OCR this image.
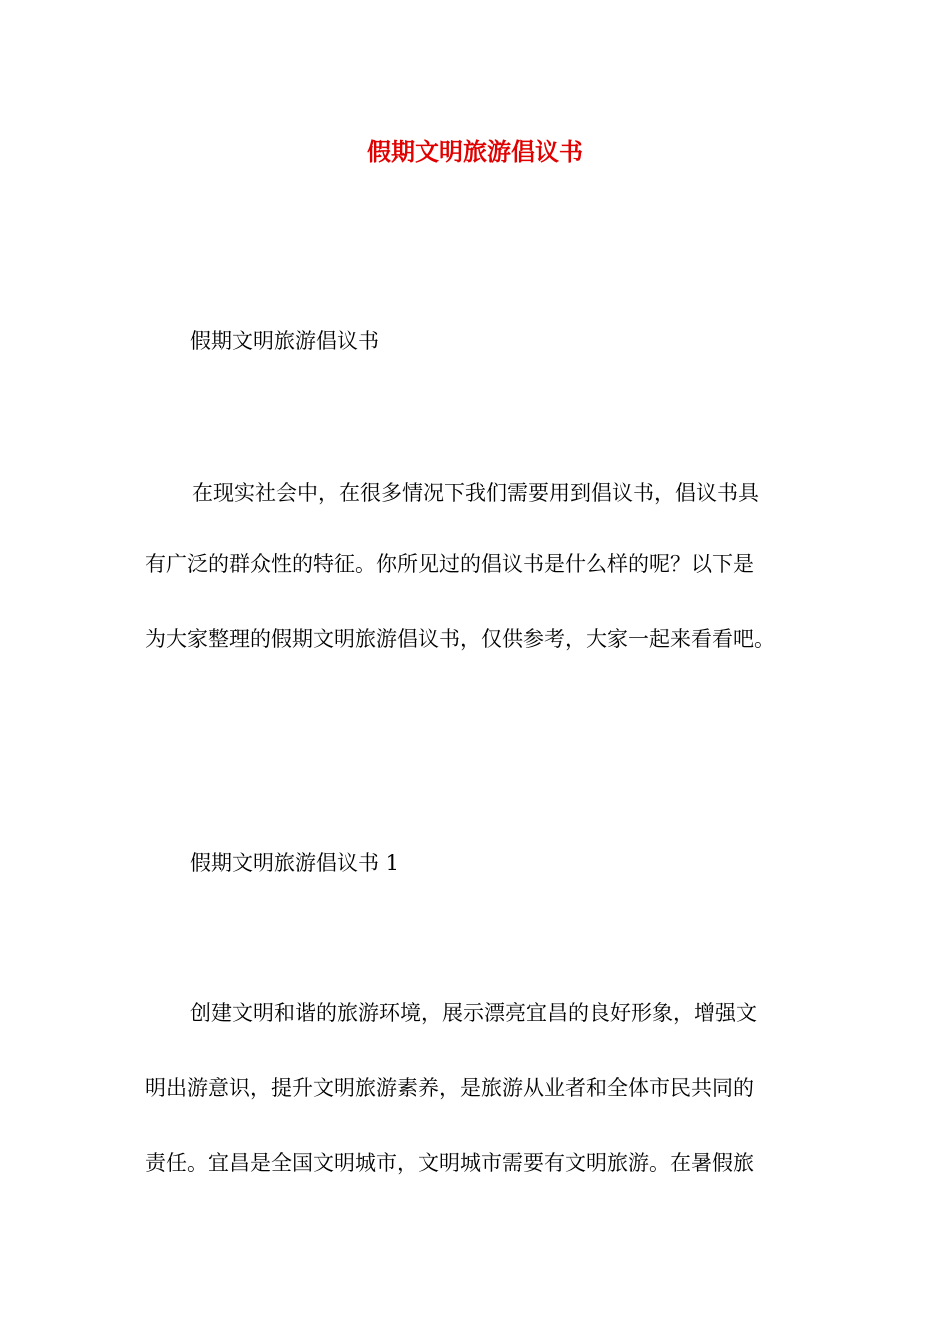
假期文明旅游倡议书

假期文明旅游倡议书

在现实社会中，在很多情况下我们需要用到倡议书，倡议书具

有广泛的群众性的特征。你所见过的倡议书是什么样的呢？以下是

为大家整理的假期文明旅游倡议书，仅供参考，大家一起来看看吧。

假期文明旅游倡议书 1

创建文明和谐的旅游环境，展示漂亮宜昌的良好形象，增强文

明出游意识，提升文明旅游素养，是旅游从业者和全体市民共同的

责任。宜昌是全国文明城市，文明城市需要有文明旅游。在暑假旅
